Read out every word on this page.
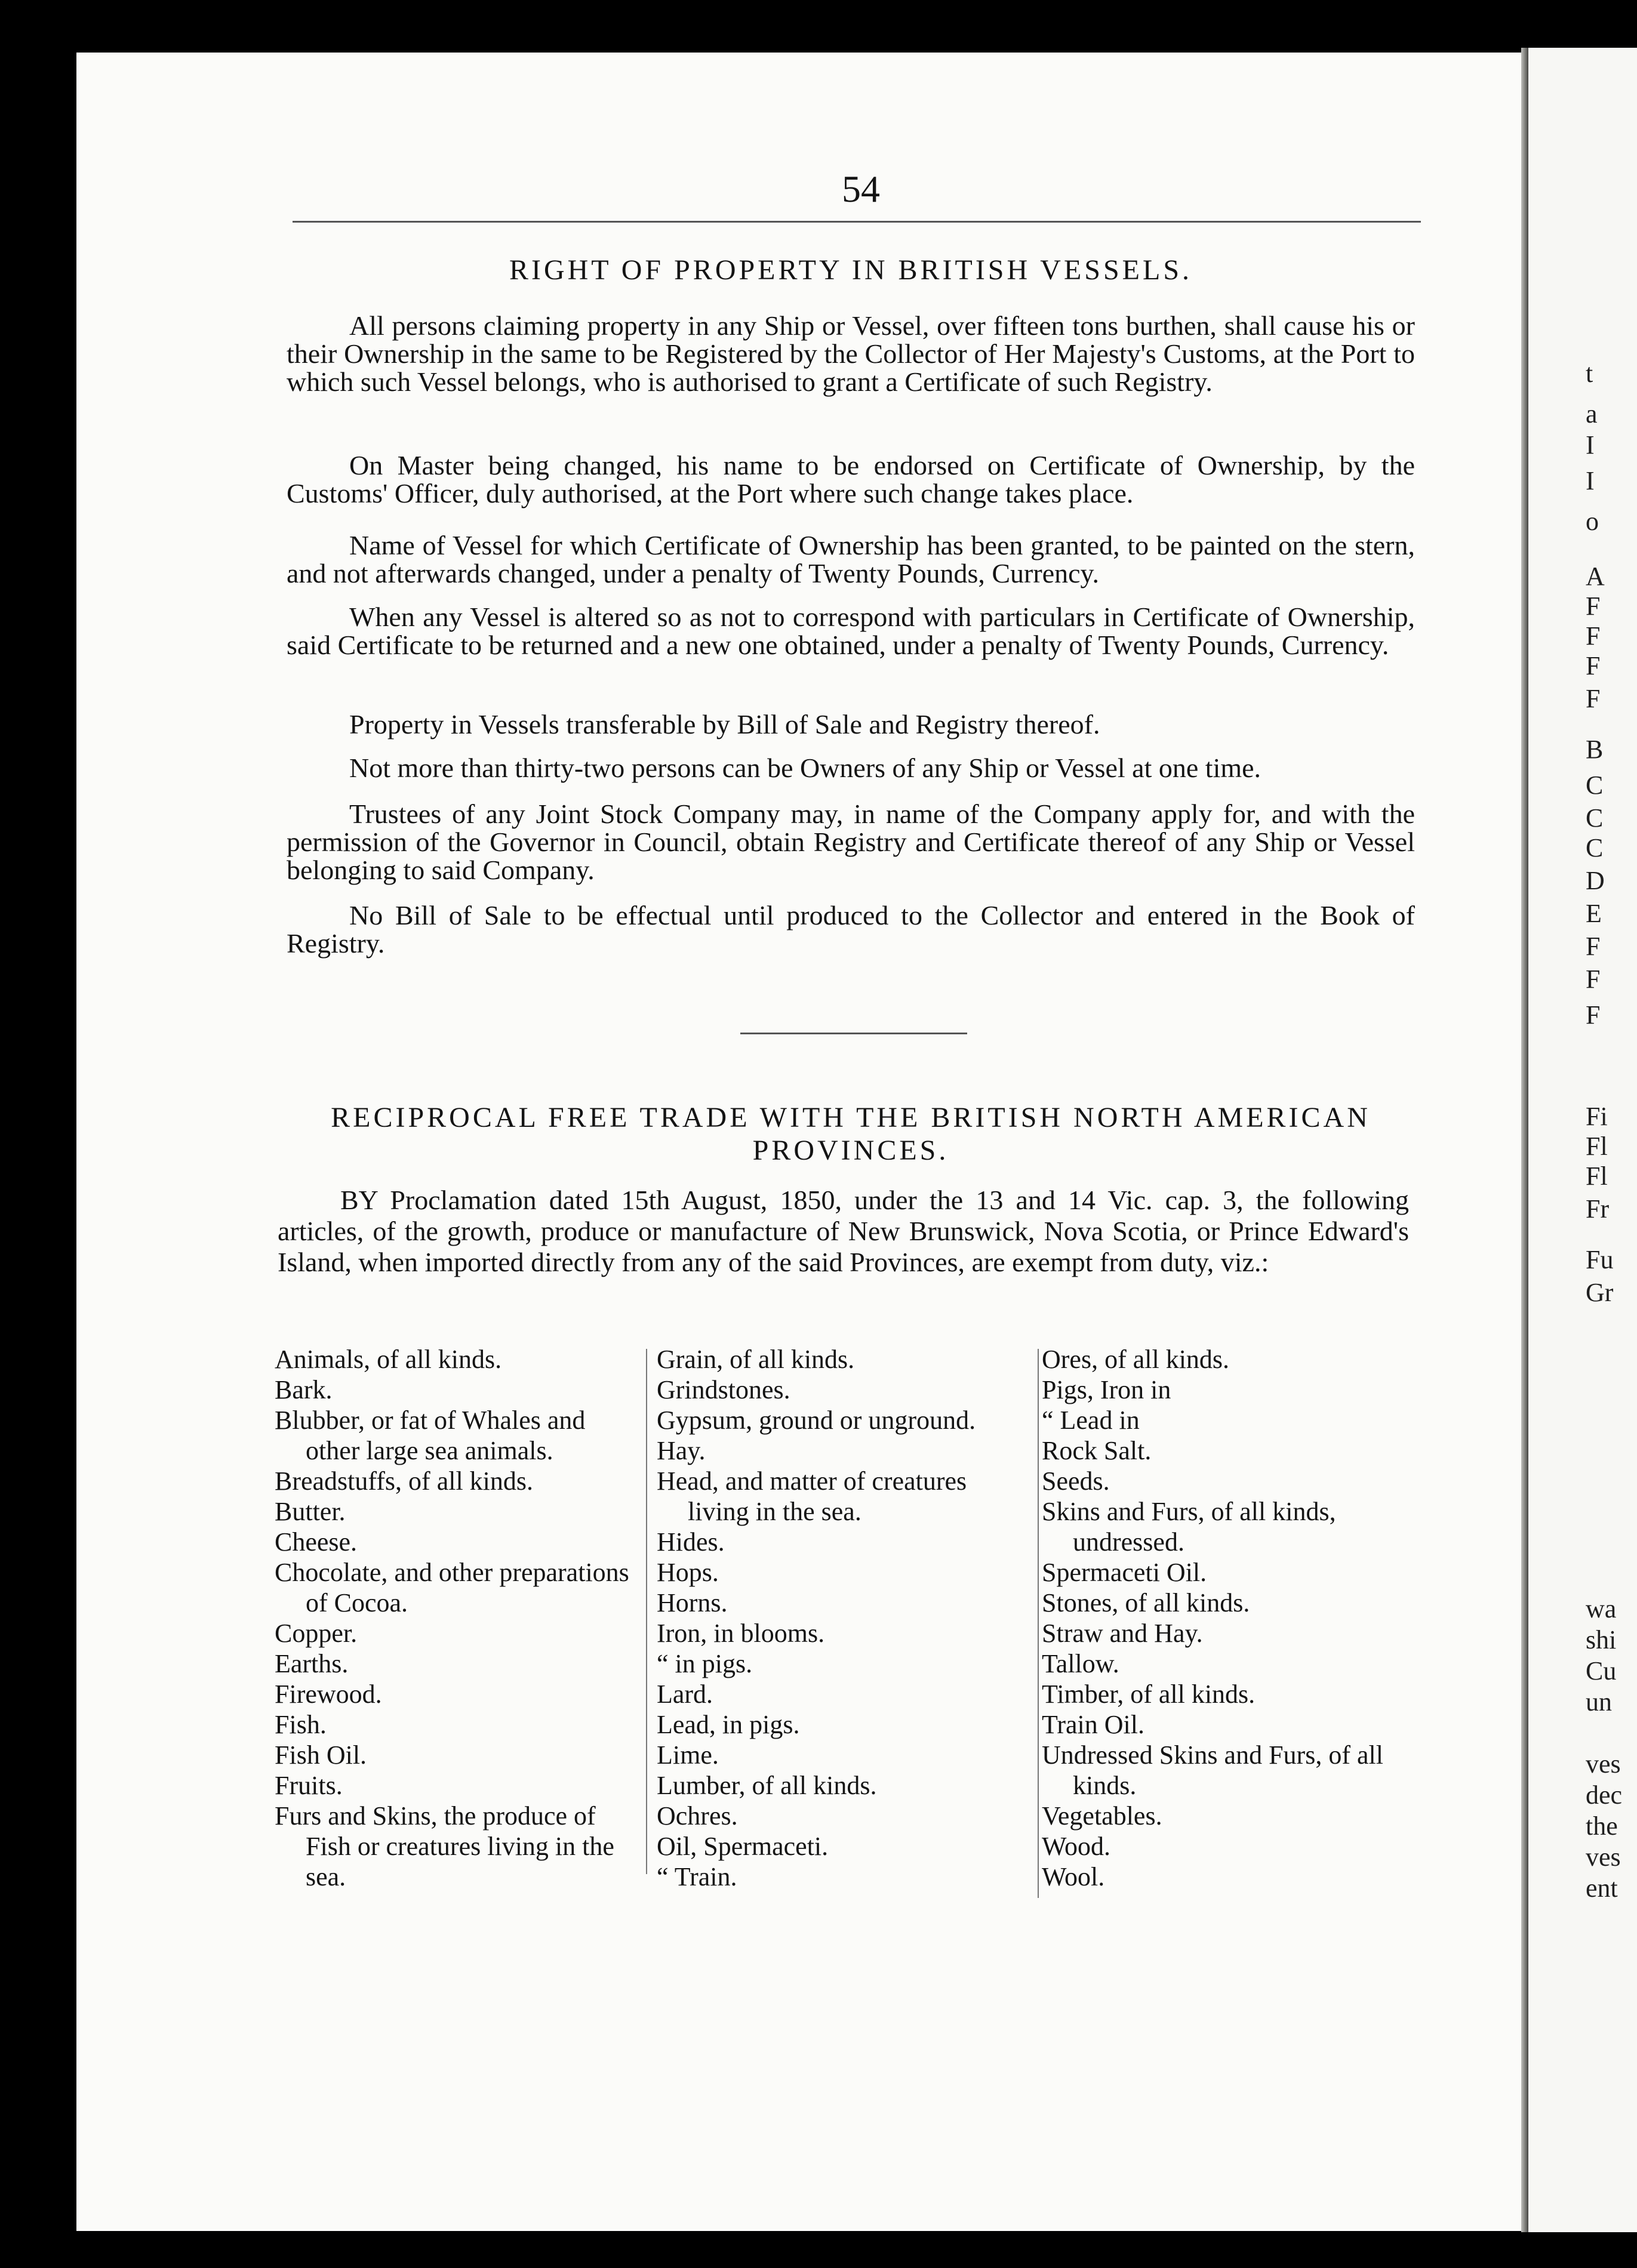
t
a
I
I
o
A
F
F
F
F
B
C
C
C
D
E
F
F
F
Fi
Fl
Fl
Fr
Fu
Gr
wa
shi
Cu
un
ves
dec
the
ves
ent
54
RIGHT OF PROPERTY IN BRITISH VESSELS.
All persons claiming property in any Ship or Vessel, over fifteen tons burthen, shall cause his or their Ownership in the same to be Registered by the Collector of Her Majesty's Customs, at the Port to which such Vessel belongs, who is authorised to grant a Certificate of such Registry.
On Master being changed, his name to be endorsed on Certificate of Ownership, by the Customs' Officer, duly authorised, at the Port where such change takes place.
Name of Vessel for which Certificate of Ownership has been granted, to be painted on the stern, and not afterwards changed, under a penalty of Twenty Pounds, Currency.
When any Vessel is altered so as not to correspond with particulars in Certificate of Ownership, said Certificate to be returned and a new one obtained, under a penalty of Twenty Pounds, Currency.
Property in Vessels transferable by Bill of Sale and Registry thereof.
Not more than thirty-two persons can be Owners of any Ship or Vessel at one time.
Trustees of any Joint Stock Company may, in name of the Company apply for, and with the permission of the Governor in Council, obtain Registry and Certificate thereof of any Ship or Vessel belonging to said Company.
No Bill of Sale to be effectual until produced to the Collector and entered in the Book of Registry.
RECIPROCAL FREE TRADE WITH THE BRITISH NORTH AMERICAN
PROVINCES.
BY Proclamation dated 15th August, 1850, under the 13 and 14 Vic. cap. 3, the following articles, of the growth, produce or manufacture of New Brunswick, Nova Scotia, or Prince Edward's Island, when imported directly from any of the said Provinces, are exempt from duty, viz.:
Animals, of all kinds.
Bark.
Blubber, or fat of Whales and other large sea animals.
Breadstuffs, of all kinds.
Butter.
Cheese.
Chocolate, and other preparations of Cocoa.
Copper.
Earths.
Firewood.
Fish.
Fish Oil.
Fruits.
Furs and Skins, the produce of Fish or creatures living in the sea.
Grain, of all kinds.
Grindstones.
Gypsum, ground or unground.
Hay.
Head, and matter of creatures living in the sea.
Hides.
Hops.
Horns.
Iron, in blooms.
“ in pigs.
Lard.
Lead, in pigs.
Lime.
Lumber, of all kinds.
Ochres.
Oil, Spermaceti.
“ Train.
Ores, of all kinds.
Pigs, Iron in
“ Lead in
Rock Salt.
Seeds.
Skins and Furs, of all kinds, undressed.
Spermaceti Oil.
Stones, of all kinds.
Straw and Hay.
Tallow.
Timber, of all kinds.
Train Oil.
Undressed Skins and Furs, of all kinds.
Vegetables.
Wood.
Wool.
